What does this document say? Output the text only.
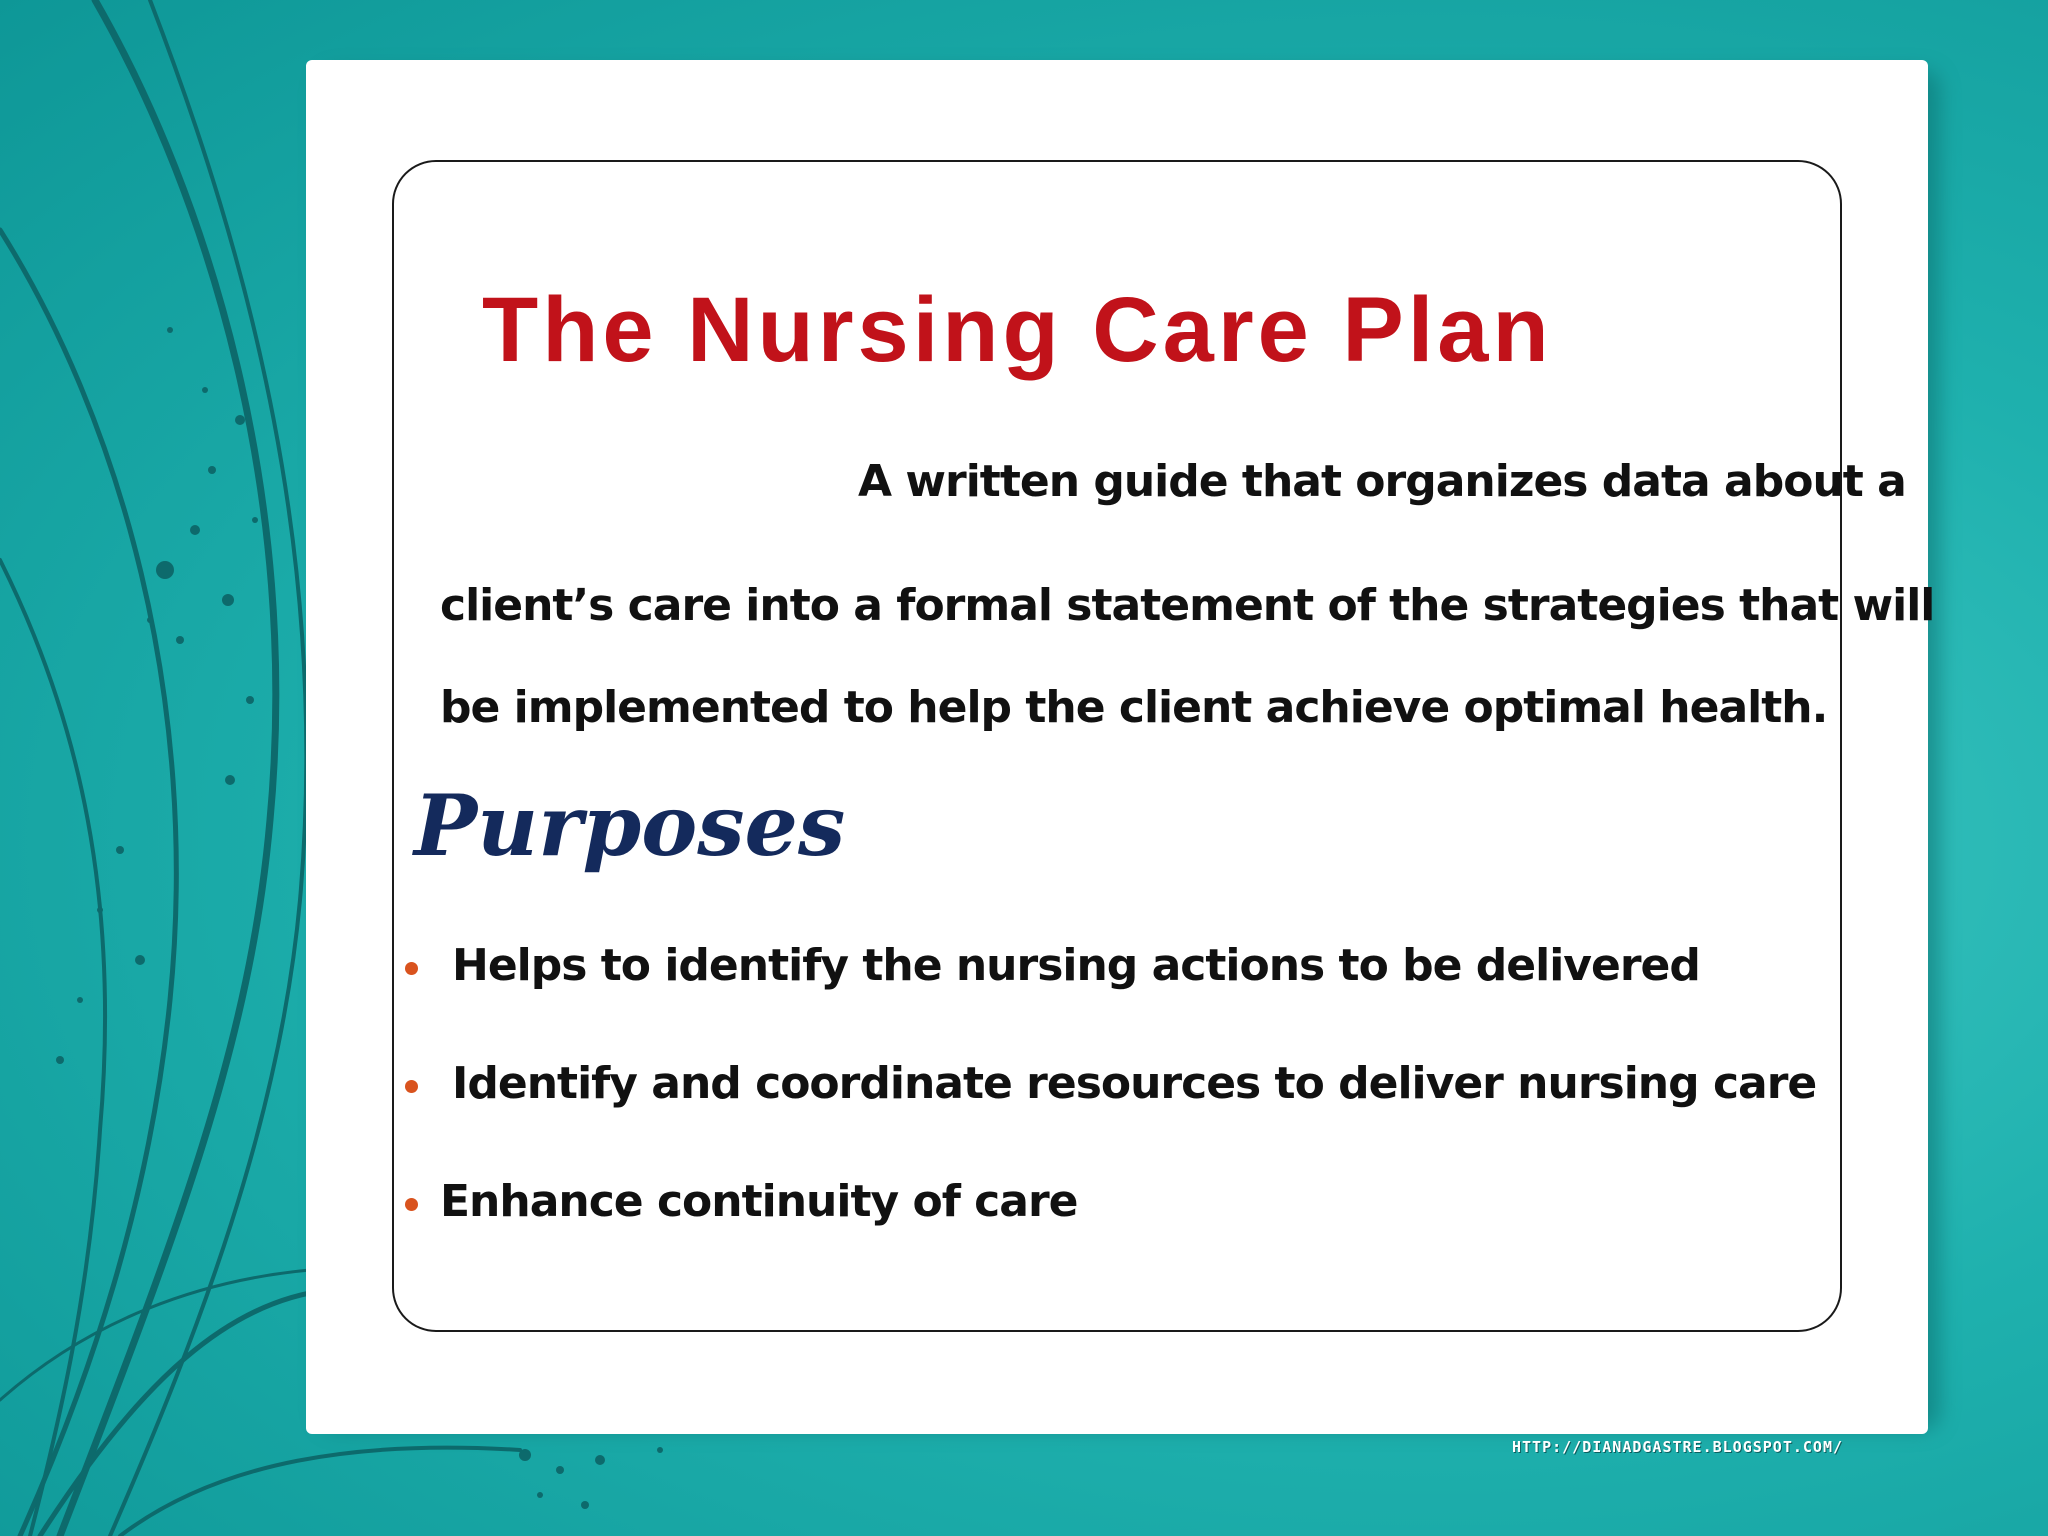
The Nursing Care Plan
A written guide that organizes data about a
client’s care into a formal statement of the strategies that will
be implemented to help the client achieve optimal health.
Purposes
Helps to identify the nursing actions to be delivered
Identify and coordinate resources to deliver nursing care
Enhance continuity of care
HTTP://DIANADGASTRE.BLOGSPOT.COM/
